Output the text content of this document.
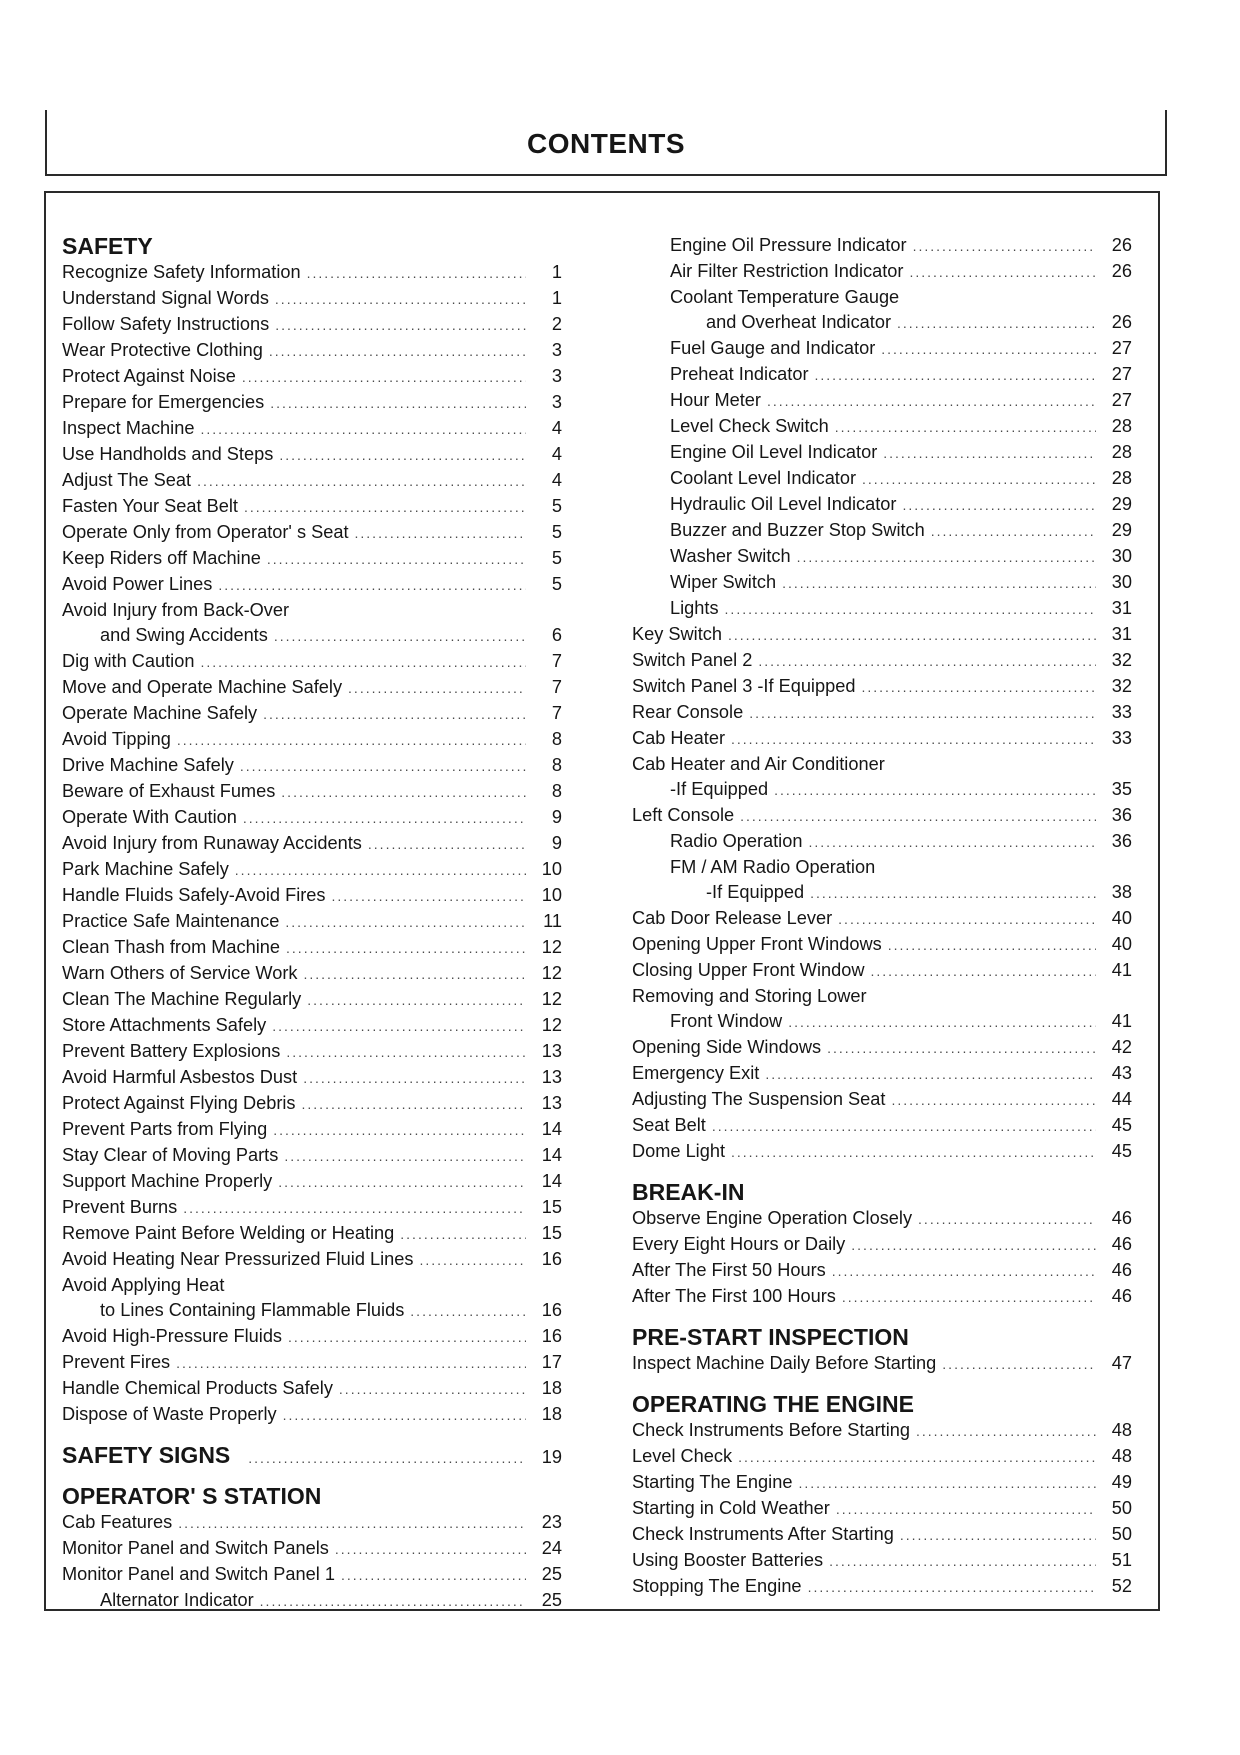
CONTENTS
SAFETY
Recognize Safety Information .....	1
Understand Signal Words .....	1
Follow Safety Instructions .....	2
Wear Protective Clothing .....	3
Protect Against Noise .....	3
Prepare for Emergencies .....	3
Inspect Machine .....	4
Use Handholds and Steps .....	4
Adjust The Seat .....	4
Fasten Your Seat Belt .....	5
Operate Only from Operator' s Seat .....	5
Keep Riders off Machine .....	5
Avoid Power Lines .....	5
Avoid Injury from Back-Over
and Swing Accidents .....	6
Dig with Caution .....	7
Move and Operate Machine Safely .....	7
Operate Machine Safely .....	7
Avoid Tipping .....	8
Drive Machine Safely .....	8
Beware of Exhaust Fumes .....	8
Operate With Caution .....	9
Avoid Injury from Runaway Accidents .....	9
Park Machine Safely .....	10
Handle Fluids Safely-Avoid Fires .....	10
Practice Safe Maintenance .....	11
Clean Thash from Machine .....	12
Warn Others of Service Work .....	12
Clean The Machine Regularly .....	12
Store Attachments Safely .....	12
Prevent Battery Explosions .....	13
Avoid Harmful Asbestos Dust .....	13
Protect Against Flying Debris .....	13
Prevent Parts from Flying .....	14
Stay Clear of Moving Parts .....	14
Support Machine Properly .....	14
Prevent Burns .....	15
Remove Paint Before Welding or Heating .....	15
Avoid Heating Near Pressurized Fluid Lines .....	16
Avoid Applying Heat
to Lines Containing Flammable Fluids .....	16
Avoid High-Pressure Fluids .....	16
Prevent Fires .....	17
Handle Chemical Products Safely .....	18
Dispose of Waste Properly .....	18
SAFETY SIGNS .....	19
OPERATOR' S STATION
Cab Features .....	23
Monitor Panel and Switch Panels .....	24
Monitor Panel and Switch Panel 1 .....	25
Alternator Indicator .....	25
Engine Oil Pressure Indicator .....	26
Air Filter Restriction Indicator .....	26
Coolant Temperature Gauge
and Overheat Indicator .....	26
Fuel Gauge and Indicator .....	27
Preheat Indicator .....	27
Hour Meter .....	27
Level Check Switch .....	28
Engine Oil Level Indicator .....	28
Coolant Level Indicator .....	28
Hydraulic Oil Level Indicator .....	29
Buzzer and Buzzer Stop Switch .....	29
Washer Switch .....	30
Wiper Switch .....	30
Lights .....	31
Key Switch .....	31
Switch Panel 2 .....	32
Switch Panel 3 -If Equipped .....	32
Rear Console .....	33
Cab Heater .....	33
Cab Heater and Air Conditioner
-If Equipped .....	35
Left Console .....	36
Radio Operation .....	36
FM / AM Radio Operation
-If Equipped .....	38
Cab Door Release Lever .....	40
Opening Upper Front Windows .....	40
Closing Upper Front Window .....	41
Removing and Storing Lower
Front Window .....	41
Opening Side Windows .....	42
Emergency Exit .....	43
Adjusting The Suspension Seat .....	44
Seat Belt .....	45
Dome Light .....	45
BREAK-IN
Observe Engine Operation Closely .....	46
Every Eight Hours or Daily .....	46
After The First 50 Hours .....	46
After The First 100 Hours .....	46
PRE-START INSPECTION
Inspect Machine Daily Before Starting .....	47
OPERATING THE ENGINE
Check Instruments Before Starting .....	48
Level Check .....	48
Starting The Engine .....	49
Starting in Cold Weather .....	50
Check Instruments After Starting .....	50
Using Booster Batteries .....	51
Stopping The Engine .....	52
